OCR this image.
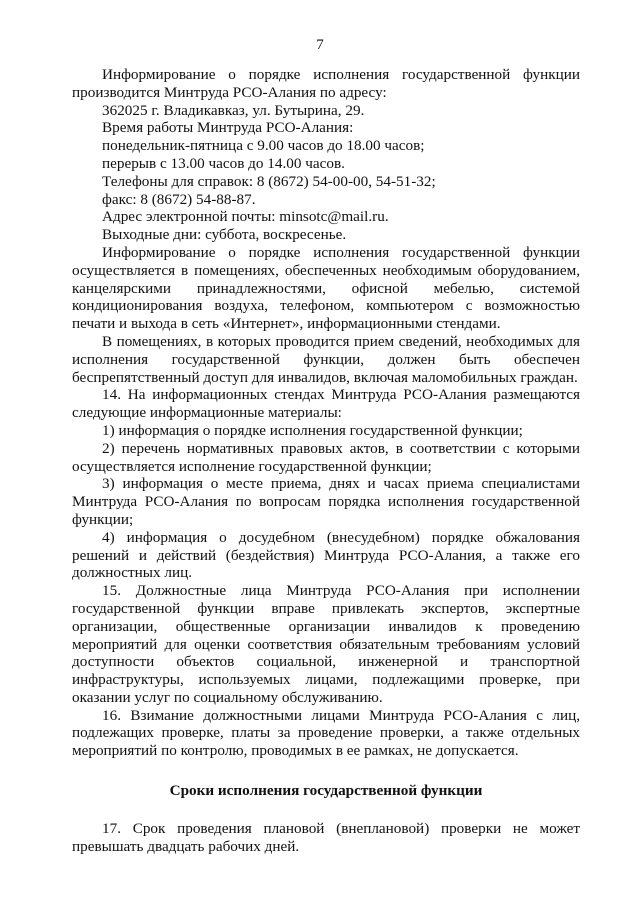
7

Информирование о порядке исполнения государственной функции производится Минтруда РСО-Алания по адресу:

362025 г. Владикавказ, ул. Бутырина, 29.

Время работы Минтруда РСО-Алания:

понедельник-пятница с 9.00 часов до 18.00 часов;

перерыв с 13.00 часов до 14.00 часов.

Телефоны для справок: 8 (8672) 54-00-00, 54-51-32;

факс: 8 (8672) 54-88-87.

Адрес электронной почты: minsotc@mail.ru.

Выходные дни: суббота, воскресенье.

Информирование о порядке исполнения государственной функции осуществляется в помещениях, обеспеченных необходимым оборудованием, канцелярскими принадлежностями, офисной мебелью, системой кондиционирования воздуха, телефоном, компьютером с возможностью печати и выхода в сеть «Интернет», информационными стендами.

В помещениях, в которых проводится прием сведений, необходимых для исполнения государственной функции, должен быть обеспечен беспрепятственный доступ для инвалидов, включая маломобильных граждан.

14. На информационных стендах Минтруда РСО-Алания размещаются следующие информационные материалы:

1) информация о порядке исполнения государственной функции;

2) перечень нормативных правовых актов, в соответствии с которыми осуществляется исполнение государственной функции;

3) информация о месте приема, днях и часах приема специалистами Минтруда РСО-Алания по вопросам порядка исполнения государственной функции;

4) информация о досудебном (внесудебном) порядке обжалования решений и действий (бездействия) Минтруда РСО-Алания, а также его должностных лиц.

15. Должностные лица Минтруда РСО-Алания при исполнении государственной функции вправе привлекать экспертов, экспертные организации, общественные организации инвалидов к проведению мероприятий для оценки соответствия обязательным требованиям условий доступности объектов социальной, инженерной и транспортной инфраструктуры, используемых лицами, подлежащими проверке, при оказании услуг по социальному обслуживанию.

16. Взимание должностными лицами Минтруда РСО-Алания с лиц, подлежащих проверке, платы за проведение проверки, а также отдельных мероприятий по контролю, проводимых в ее рамках, не допускается.

Сроки исполнения государственной функции

17. Срок проведения плановой (внеплановой) проверки не может превышать двадцать рабочих дней.
